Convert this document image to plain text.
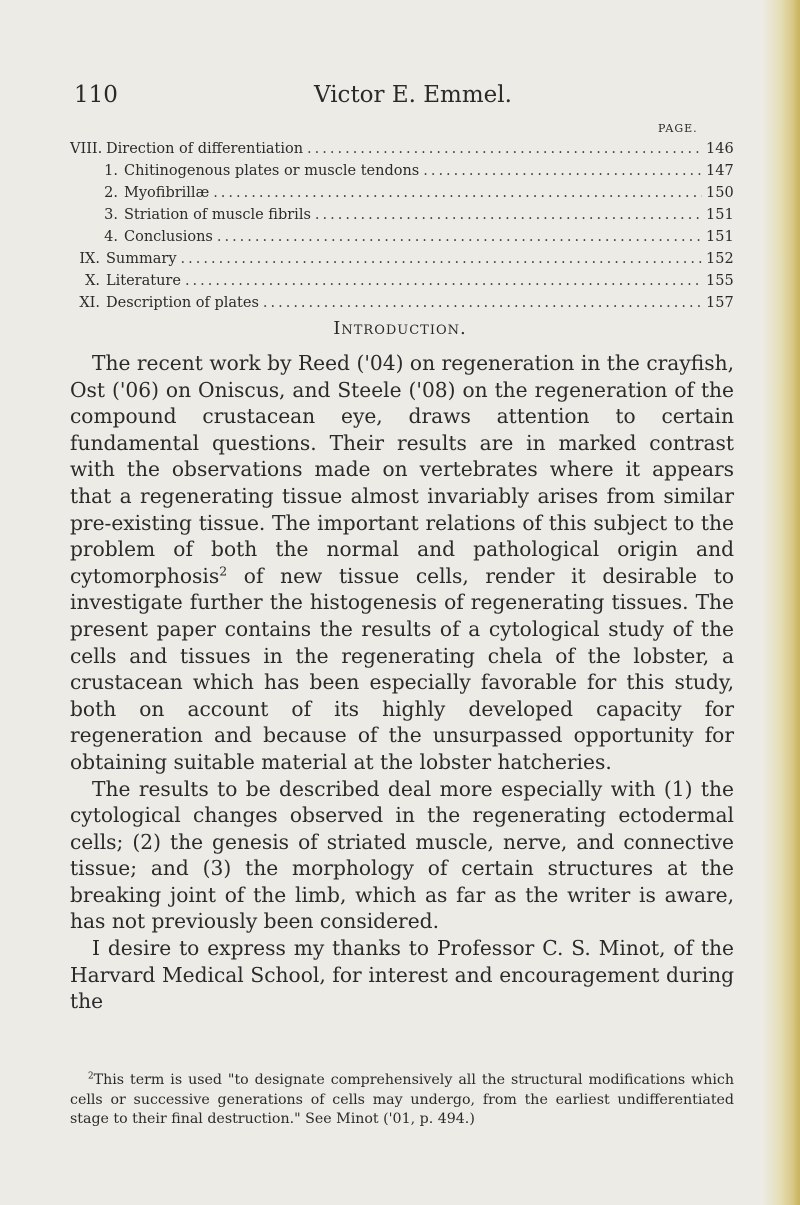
110	Victor E. Emmel.
PAGE.
VIII. Direction of differentiation .....	146
1. Chitinogenous plates or muscle tendons .....	147
2. Myofibrillæ .....	150
3. Striation of muscle fibrils .....	151
4. Conclusions .....	151
IX. Summary .....	152
X. Literature .....	155
XI. Description of plates .....	157
Introduction.

The recent work by Reed ('04) on regeneration in the crayfish, Ost ('06) on Oniscus, and Steele ('08) on the regeneration of the compound crustacean eye, draws attention to certain fundamental questions. Their results are in marked contrast with the observations made on vertebrates where it appears that a regenerating tissue almost invariably arises from similar pre-existing tissue. The important relations of this subject to the problem of both the normal and pathological origin and cytomorphosis$^2$ of new tissue cells, render it desirable to investigate further the histogenesis of regenerating tissues. The present paper contains the results of a cytological study of the cells and tissues in the regenerating chela of the lobster, a crustacean which has been especially favorable for this study, both on account of its highly developed capacity for regeneration and because of the unsurpassed opportunity for obtaining suitable material at the lobster hatcheries.

The results to be described deal more especially with (1) the cytological changes observed in the regenerating ectodermal cells; (2) the genesis of striated muscle, nerve, and connective tissue; and (3) the morphology of certain structures at the breaking joint of the limb, which as far as the writer is aware, has not previously been considered.

I desire to express my thanks to Professor C. S. Minot, of the Harvard Medical School, for interest and encouragement during the

$^2$This term is used "to designate comprehensively all the structural modifications which cells or successive generations of cells may undergo, from the earliest undifferentiated stage to their final destruction." See Minot ('01, p. 494.)
